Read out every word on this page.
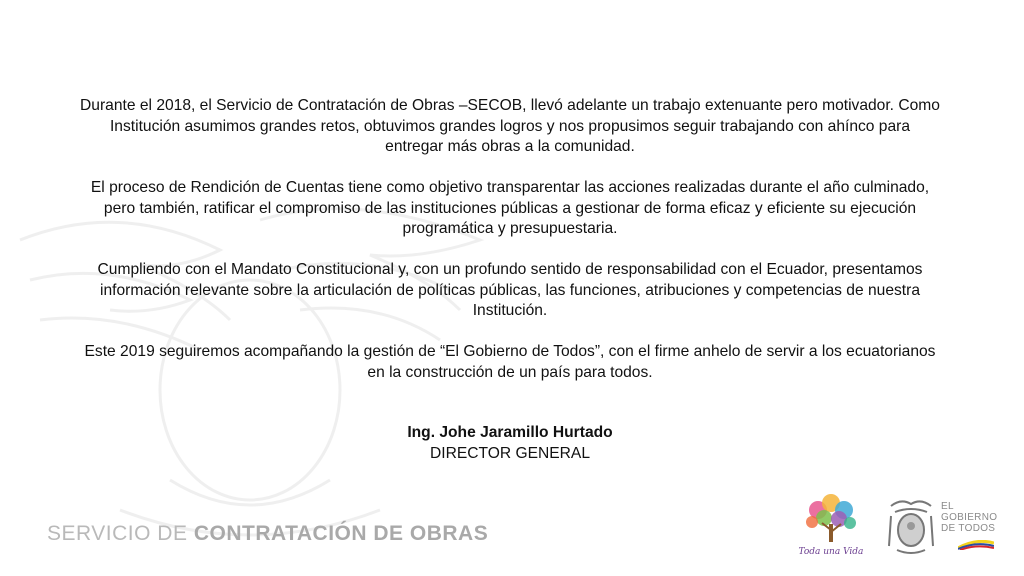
Durante el 2018, el Servicio de Contratación de Obras –SECOB, llevó adelante un trabajo extenuante pero motivador. Como Institución asumimos grandes retos, obtuvimos grandes logros y nos propusimos seguir trabajando con ahínco para entregar más obras a la comunidad.

El proceso de Rendición de Cuentas tiene como objetivo transparentar las acciones realizadas durante el año culminado, pero también, ratificar el compromiso de las instituciones públicas a gestionar de forma eficaz y eficiente su ejecución programática y presupuestaria.

Cumpliendo con el Mandato Constitucional y, con un profundo sentido de responsabilidad con el Ecuador, presentamos información relevante sobre la articulación de políticas públicas, las funciones, atribuciones y competencias de nuestra Institución.

Este 2019 seguiremos acompañando la gestión de “El Gobierno de Todos”, con el firme anhelo de servir a los ecuatorianos en la construcción de un país para todos.

Ing. Johe Jaramillo Hurtado
DIRECTOR GENERAL
SERVICIO DE CONTRATACIÓN DE OBRAS
Toda una Vida
EL
GOBIERNO
DE TODOS
